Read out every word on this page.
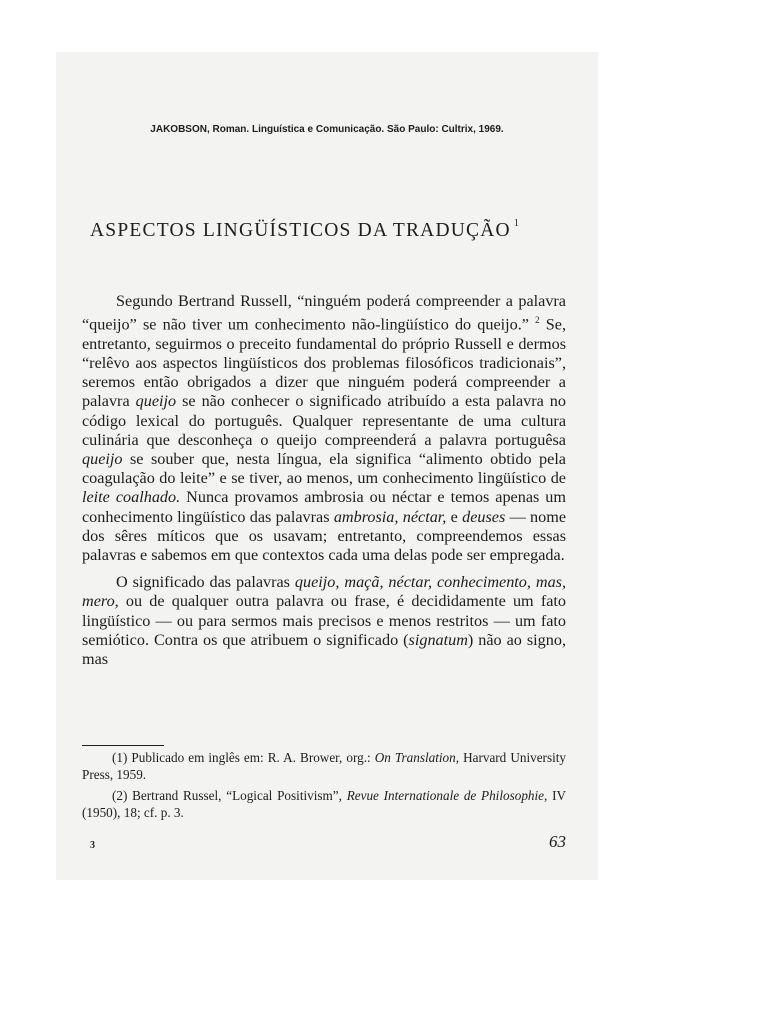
JAKOBSON, Roman. Linguística e Comunicação. São Paulo: Cultrix, 1969.
ASPECTOS LINGÜÍSTICOS DA TRADUÇÃO $^1$

Segundo Bertrand Russell, “ninguém poderá compreender a palavra “queijo” se não tiver um conhecimento não-lingüístico do queijo.” $^2$ Se, entretanto, seguirmos o preceito fundamental do próprio Russell e dermos “relêvo aos aspectos lingüísticos dos problemas filosóficos tradicionais”, seremos então obrigados a dizer que ninguém poderá compreender a palavra queijo se não conhecer o significado atribuído a esta palavra no código lexical do português. Qualquer representante de uma cultura culinária que desconheça o queijo compreenderá a palavra portuguêsa queijo se souber que, nesta língua, ela significa “alimento obtido pela coagulação do leite” e se tiver, ao menos, um conhecimento lingüístico de leite coalhado. Nunca provamos ambrosia ou néctar e temos apenas um conhecimento lingüístico das palavras ambrosia, néctar, e deuses — nome dos sêres míticos que os usavam; entretanto, compreendemos essas palavras e sabemos em que contextos cada uma delas pode ser empregada.

O significado das palavras queijo, maçã, néctar, conhecimento, mas, mero, ou de qualquer outra palavra ou frase, é decididamente um fato lingüístico — ou para sermos mais precisos e menos restritos — um fato semiótico. Contra os que atribuem o significado (signatum) não ao signo, mas

(1) Publicado em inglês em: R. A. Brower, org.: On Translation, Harvard University Press, 1959.

(2) Bertrand Russel, “Logical Positivism”, Revue Internationale de Philosophie, IV (1950), 18; cf. p. 3.

63
3
